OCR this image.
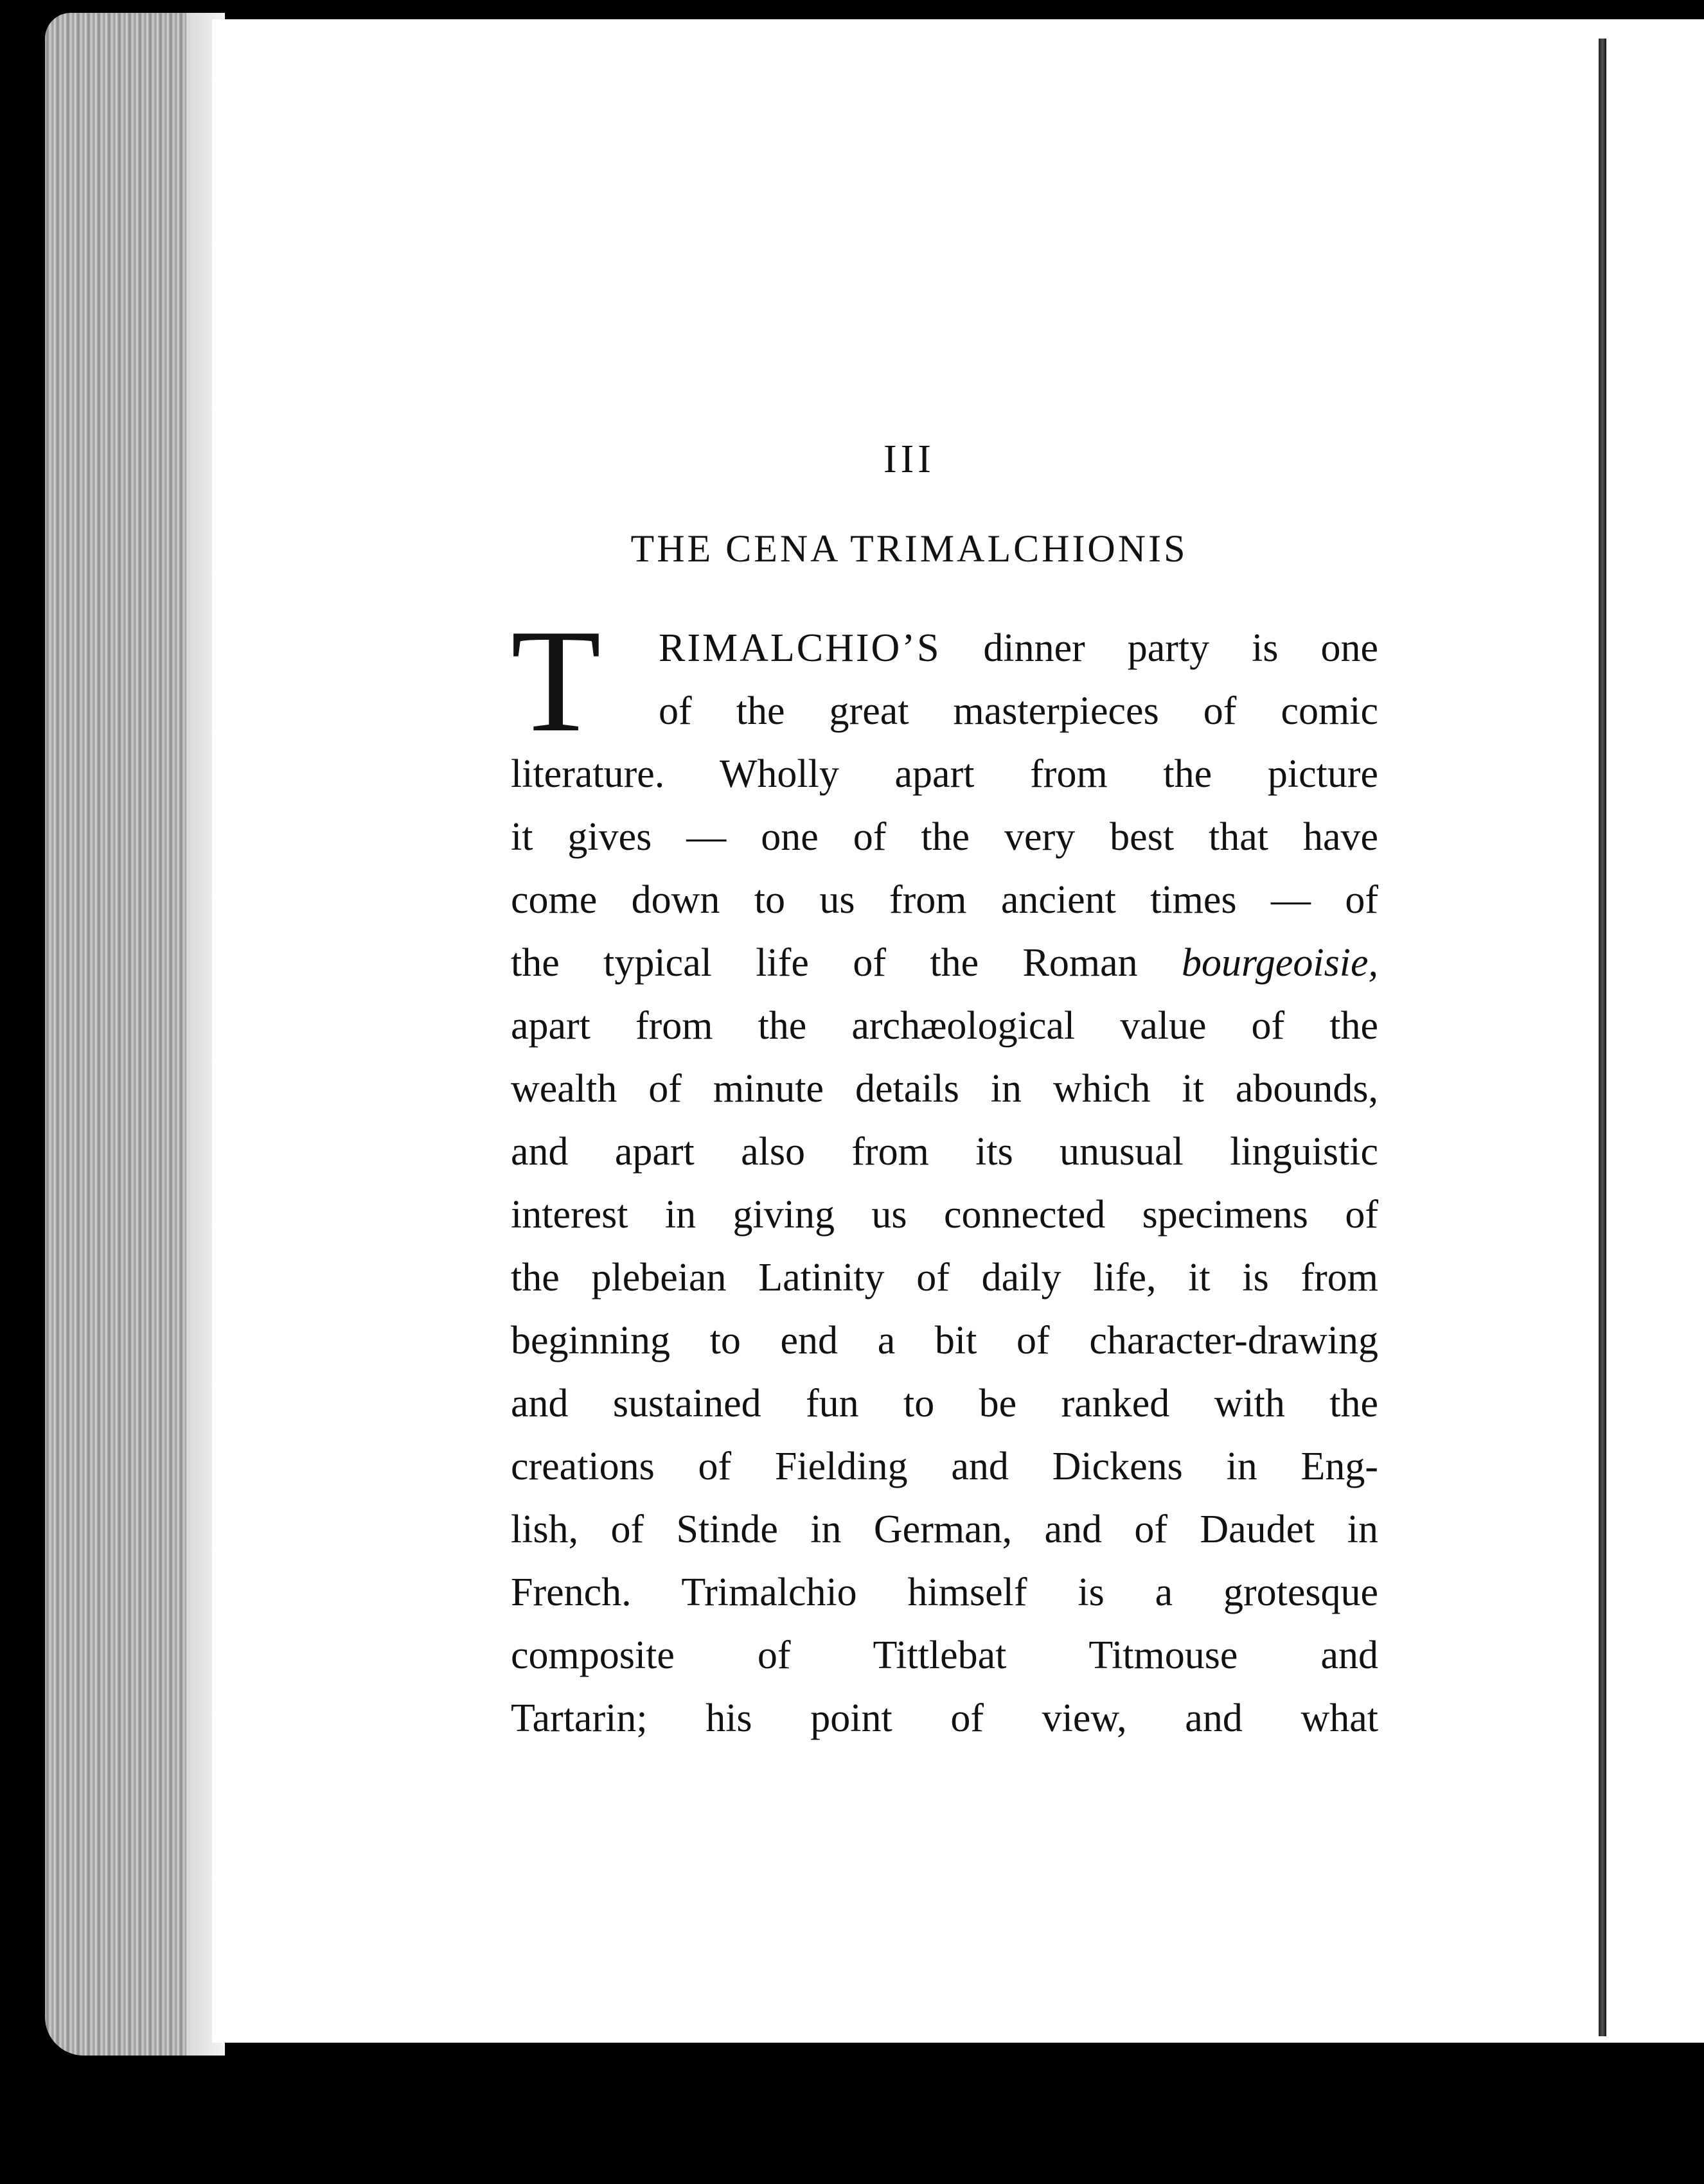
III
THE CENA TRIMALCHIONIS
T	RIMALCHIO’S dinner party is one
of the great masterpieces of comic
literature. Wholly apart from the picture
it gives — one of the very best that have
come down to us from ancient times — of
the typical life of the Roman bourgeoisie,
apart from the archæological value of the
wealth of minute details in which it abounds,
and apart also from its unusual linguistic
interest in giving us connected specimens of
the plebeian Latinity of daily life, it is from
beginning to end a bit of character-drawing
and sustained fun to be ranked with the
creations of Fielding and Dickens in Eng-
lish, of Stinde in German, and of Daudet in
French. Trimalchio himself is a grotesque
composite of Tittlebat Titmouse and
Tartarin; his point of view, and what
